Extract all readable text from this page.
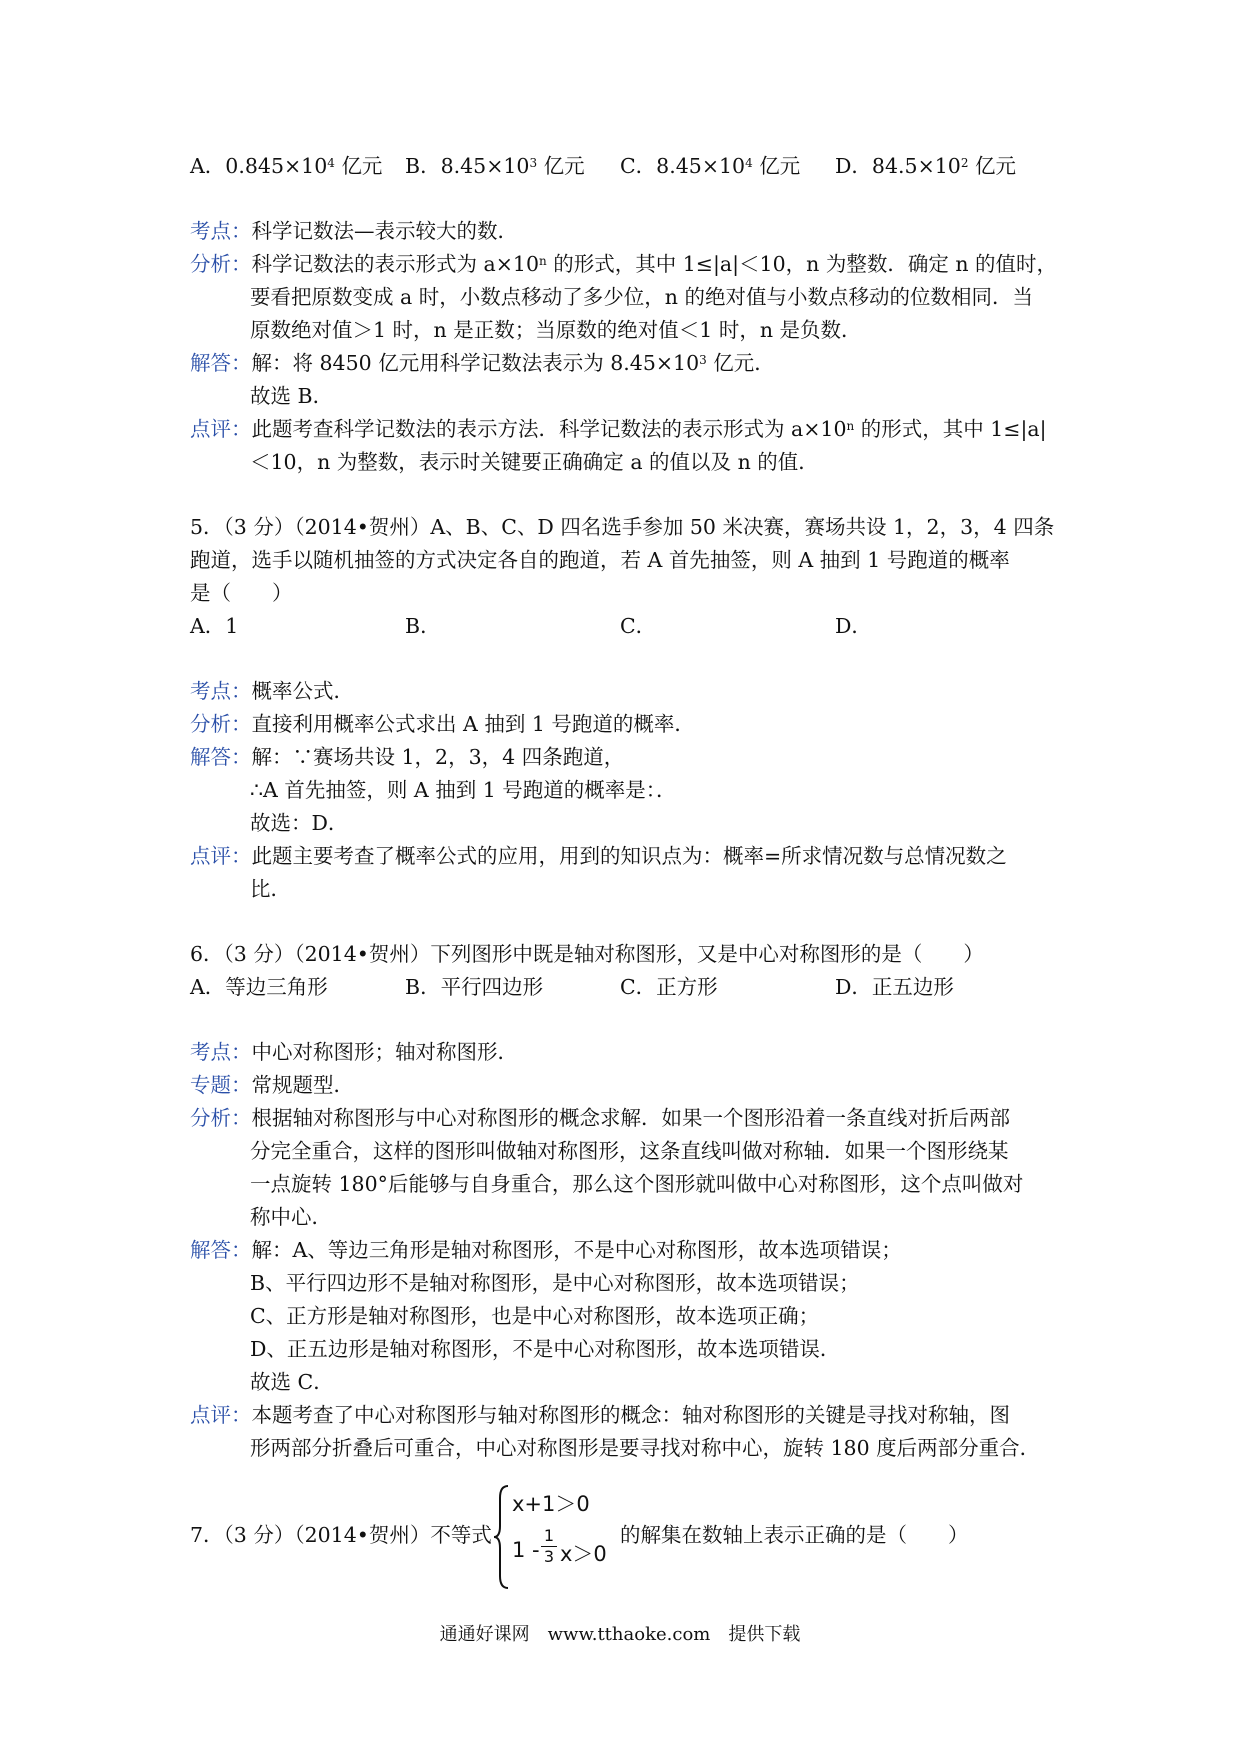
A．$0.845\times 10^4$ 亿元 B．$8.45\times 10^3$ 亿元 C．$8.45\times 10^4$ 亿元 D．$84.5\times 10^2$ 亿元
考点：科学记数法—表示较大的数．
分析：科学记数法的表示形式为 $a\times 10^n$ 的形式，其中 1≤|a|＜10，n 为整数．确定 n 的值时，
要看把原数变成 a 时，小数点移动了多少位，n 的绝对值与小数点移动的位数相同．当
原数绝对值＞1 时，n 是正数；当原数的绝对值＜1 时，n 是负数．
解答：解：将 8450 亿元用科学记数法表示为 $8.45\times 10^3$ 亿元．
故选 B．
点评：此题考查科学记数法的表示方法．科学记数法的表示形式为 $a\times 10^n$ 的形式，其中 1≤|a|
＜10，n 为整数，表示时关键要正确确定 a 的值以及 n 的值．
5．（3 分）（2014•贺州）A、B、C、D 四名选手参加 50 米决赛，赛场共设 1，2，3，4 四条
跑道，选手以随机抽签的方式决定各自的跑道，若 A 首先抽签，则 A 抽到 1 号跑道的概率
是（　　）
A．1	B．	C．	D．
考点：概率公式．
分析：直接利用概率公式求出 A 抽到 1 号跑道的概率．
解答：解：∵赛场共设 1，2，3，4 四条跑道，
∴A 首先抽签，则 A 抽到 1 号跑道的概率是：．
故选：D．
点评：此题主要考查了概率公式的应用，用到的知识点为：概率=所求情况数与总情况数之
比．
6．（3 分）（2014•贺州）下列图形中既是轴对称图形，又是中心对称图形的是（　　）
A．等边三角形	B．平行四边形	C．正方形	D．正五边形
考点：中心对称图形；轴对称图形．
专题：常规题型．
分析：根据轴对称图形与中心对称图形的概念求解．如果一个图形沿着一条直线对折后两部
分完全重合，这样的图形叫做轴对称图形，这条直线叫做对称轴．如果一个图形绕某
一点旋转 180°后能够与自身重合，那么这个图形就叫做中心对称图形，这个点叫做对
称中心．
解答：解：A、等边三角形是轴对称图形，不是中心对称图形，故本选项错误；
B、平行四边形不是轴对称图形，是中心对称图形，故本选项错误；
C、正方形是轴对称图形，也是中心对称图形，故本选项正确；
D、正五边形是轴对称图形，不是中心对称图形，故本选项错误．
故选 C．
点评：本题考查了中心对称图形与轴对称图形的概念：轴对称图形的关键是寻找对称轴，图
形两部分折叠后可重合，中心对称图形是要寻找对称中心，旋转 180 度后两部分重合．
7．（3 分）（2014•贺州）不等式
x+1＞0
1 -
1
3 x＞0
的解集在数轴上表示正确的是（　　）
通通好课网　www.tthaoke.com　提供下载
